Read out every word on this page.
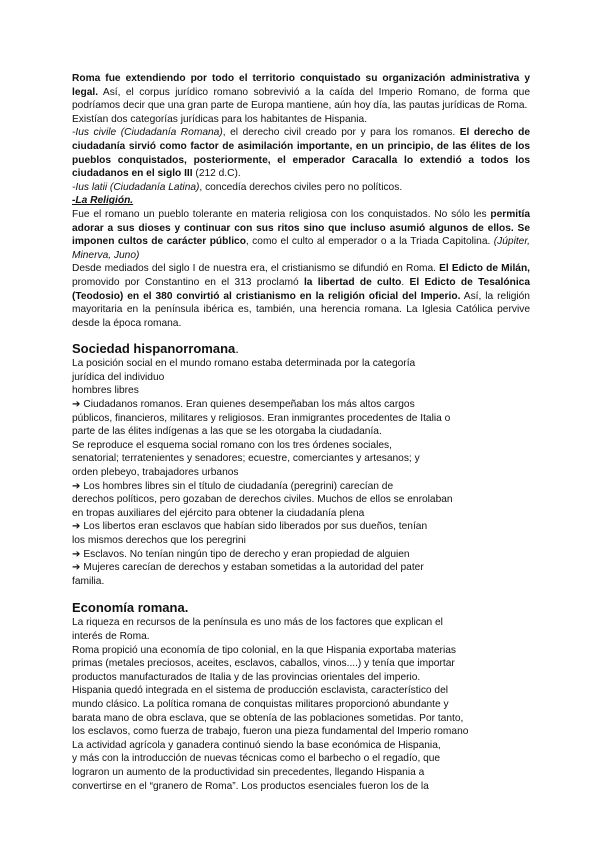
Roma fue extendiendo por todo el territorio conquistado su organización administrativa y legal. Así, el corpus jurídico romano sobrevivió a la caída del Imperio Romano, de forma que podríamos decir que una gran parte de Europa mantiene, aún hoy día, las pautas jurídicas de Roma.

Existían dos categorías jurídicas para los habitantes de Hispania.

-Ius civile (Ciudadanía Romana), el derecho civil creado por y para los romanos. El derecho de ciudadanía sirvió como factor de asimilación importante, en un principio, de las élites de los pueblos conquistados, posteriormente, el emperador Caracalla lo extendió a todos los ciudadanos en el siglo III (212 d.C).

-Ius latii (Ciudadanía Latina), concedía derechos civiles pero no políticos.

-La Religión.

Fue el romano un pueblo tolerante en materia religiosa con los conquistados. No sólo les permitía adorar a sus dioses y continuar con sus ritos sino que incluso asumió algunos de ellos. Se imponen cultos de carácter público, como el culto al emperador o a la Triada Capitolina. (Júpiter, Minerva, Juno)

Desde mediados del siglo I de nuestra era, el cristianismo se difundió en Roma. El Edicto de Milán, promovido por Constantino en el 313 proclamó la libertad de culto. El Edicto de Tesalónica (Teodosio) en el 380 convirtió al cristianismo en la religión oficial del Imperio. Así, la religión mayoritaria en la península ibérica es, también, una herencia romana. La Iglesia Católica pervive desde la época romana.

Sociedad hispanorromana.

La posición social en el mundo romano estaba determinada por la categoría

jurídica del individuo

hombres libres

➔ Ciudadanos romanos. Eran quienes desempeñaban los más altos cargos

públicos, financieros, militares y religiosos. Eran inmigrantes procedentes de Italia o

parte de las élites indígenas a las que se les otorgaba la ciudadanía.

Se reproduce el esquema social romano con los tres órdenes sociales,

senatorial; terratenientes y senadores; ecuestre, comerciantes y artesanos; y

orden plebeyo, trabajadores urbanos

➔ Los hombres libres sin el título de ciudadanía (peregrini) carecían de

derechos políticos, pero gozaban de derechos civiles. Muchos de ellos se enrolaban

en tropas auxiliares del ejército para obtener la ciudadanía plena

➔ Los libertos eran esclavos que habían sido liberados por sus dueños, tenían

los mismos derechos que los peregrini

➔ Esclavos. No tenían ningún tipo de derecho y eran propiedad de alguien

➔ Mujeres carecían de derechos y estaban sometidas a la autoridad del pater

familia.

Economía romana.

La riqueza en recursos de la península es uno más de los factores que explican el

interés de Roma.

Roma propició una economía de tipo colonial, en la que Hispania exportaba materias

primas (metales preciosos, aceites, esclavos, caballos, vinos....) y tenía que importar

productos manufacturados de Italia y de las provincias orientales del imperio.

Hispania quedó integrada en el sistema de producción esclavista, característico del

mundo clásico. La política romana de conquistas militares proporcionó abundante y

barata mano de obra esclava, que se obtenía de las poblaciones sometidas. Por tanto,

los esclavos, como fuerza de trabajo, fueron una pieza fundamental del Imperio romano

La actividad agrícola y ganadera continuó siendo la base económica de Hispania,

y más con la introducción de nuevas técnicas como el barbecho o el regadío, que

lograron un aumento de la productividad sin precedentes, llegando Hispania a

convertirse en el “granero de Roma”. Los productos esenciales fueron los de la
